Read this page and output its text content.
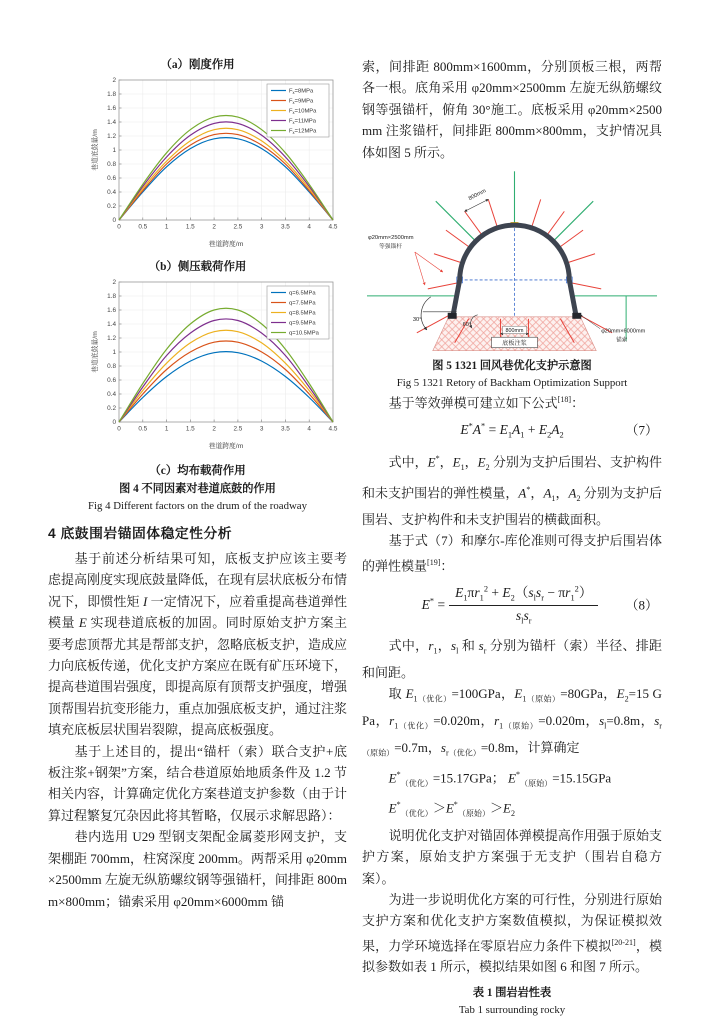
（a）刚度作用

0	0.5	1	1.5	2	2.5	3	3.5	4	4.5
0
0.2
0.4
0.6
0.8
1
1.2
1.4
1.6
1.8
2
$F_x=8MPa$
$F_x=9MPa$
$F_x=10MPa$
$F_x=11MPa$
$F_x=12MPa$
巷道跨度/m
巷道底鼓量/m

（b）侧压载荷作用

0	0.5	1	1.5	2	2.5	3	3.5	4	4.5
0
0.2
0.4
0.6
0.8
1
1.2
1.4
1.6
1.8
2
q=6.5MPa
q=7.5MPa
q=8.5MPa
q=9.5MPa
q=10.5MPa
巷道跨度/m
巷道底鼓量/m

（c）均布载荷作用

图 4 不同因素对巷道底鼓的作用

Fig 4 Different factors on the drum of the roadway

4 底鼓围岩锚固体稳定性分析

基于前述分析结果可知，底板支护应该主要考虑提高刚度实现底鼓量降低，在现有层状底板分布情况下，即惯性矩 I 一定情况下，应着重提高巷道弹性模量 E 实现巷道底板的加固。同时原始支护方案主要考虑顶帮尤其是帮部支护，忽略底板支护，造成应力向底板传递，优化支护方案应在既有矿压环境下，提高巷道围岩强度，即提高原有顶帮支护强度，增强顶帮围岩抗变形能力，重点加强底板支护，通过注浆填充底板层状围岩裂隙，提高底板强度。

基于上述目的，提出“锚杆（索）联合支护+底板注浆+钢架”方案，结合巷道原始地质条件及 1.2 节相关内容，计算确定优化方案巷道支护参数（由于计算过程繁复冗杂因此将其暂略，仅展示求解思路）：

巷内选用 U29 型钢支架配金属菱形网支护，支架棚距 700mm，柱窝深度 200mm。两帮采用 φ20mm×2500mm 左旋无纵筋螺纹钢等强锚杆，间排距 800mm×800mm；锚索采用 φ20mm×6000mm 锚

索，间排距 800mm×1600mm，分别顶板三根，两帮各一根。底角采用 φ20mm×2500mm 左旋无纵筋螺纹钢等强锚杆，俯角 30°施工。底板采用 φ20mm×2500mm 注浆锚杆，间排距 800mm×800mm，支护情况具体如图 5 所示。

800mm
φ20mm×2500mm
等强锚杆
30°
60°
800mm
底板注浆
φ20mm×6000mm
锚索

图 5 1321 回风巷优化支护示意图

Fig 5 1321 Retory of Backham Optimization Support

基于等效弹模可建立如下公式[18]：

$E^*A^* = E_1A_1 + E_2A_2$	（7）

式中，E*，$E_1$，$E_2$ 分别为支护后围岩、支护构件和未支护围岩的弹性模量，A*，$A_1$，$A_2$ 分别为支护后围岩、支护构件和未支护围岩的横截面积。

基于式（7）和摩尔-库伦准则可得支护后围岩体的弹性模量[19]：

$E^* = \frac{E_1\pi r_1^2 + E_2(s_ls_r - \pi r_1^2)}{s_ls_r} (8)$

式中，$r_1$，$s_l$ 和 $s_r$ 分别为锚杆（索）半径、排距和间距。

取 $E_{1(优化)}=100GPa$，$E_{1(原始)}=80GPa$，$E_2=15$ GPa，$r_{1(优化)}=0.020m$，$r_{1(原始)}=0.020m$，$s_l=0.8m$，$s_{r(原始)}=0.7m$，$s_{r(优化)}=0.8m$，计算确定

$E^*_{(优化)}=15.17GPa$； $E^*_{(原始)}=15.15GPa$

$E^*_{(优化)}>E^*_{(原始)}>E_2$

说明优化支护对锚固体弹模提高作用强于原始支护方案，原始支护方案强于无支护（围岩自稳方案）。

为进一步说明优化方案的可行性，分别进行原始支护方案和优化支护方案数值模拟，为保证模拟效果，力学环境选择在零原岩应力条件下模拟[20-21]，模拟参数如表 1 所示，模拟结果如图 6 和图 7 所示。

表 1 围岩岩性表

Tab 1 surrounding rocky
